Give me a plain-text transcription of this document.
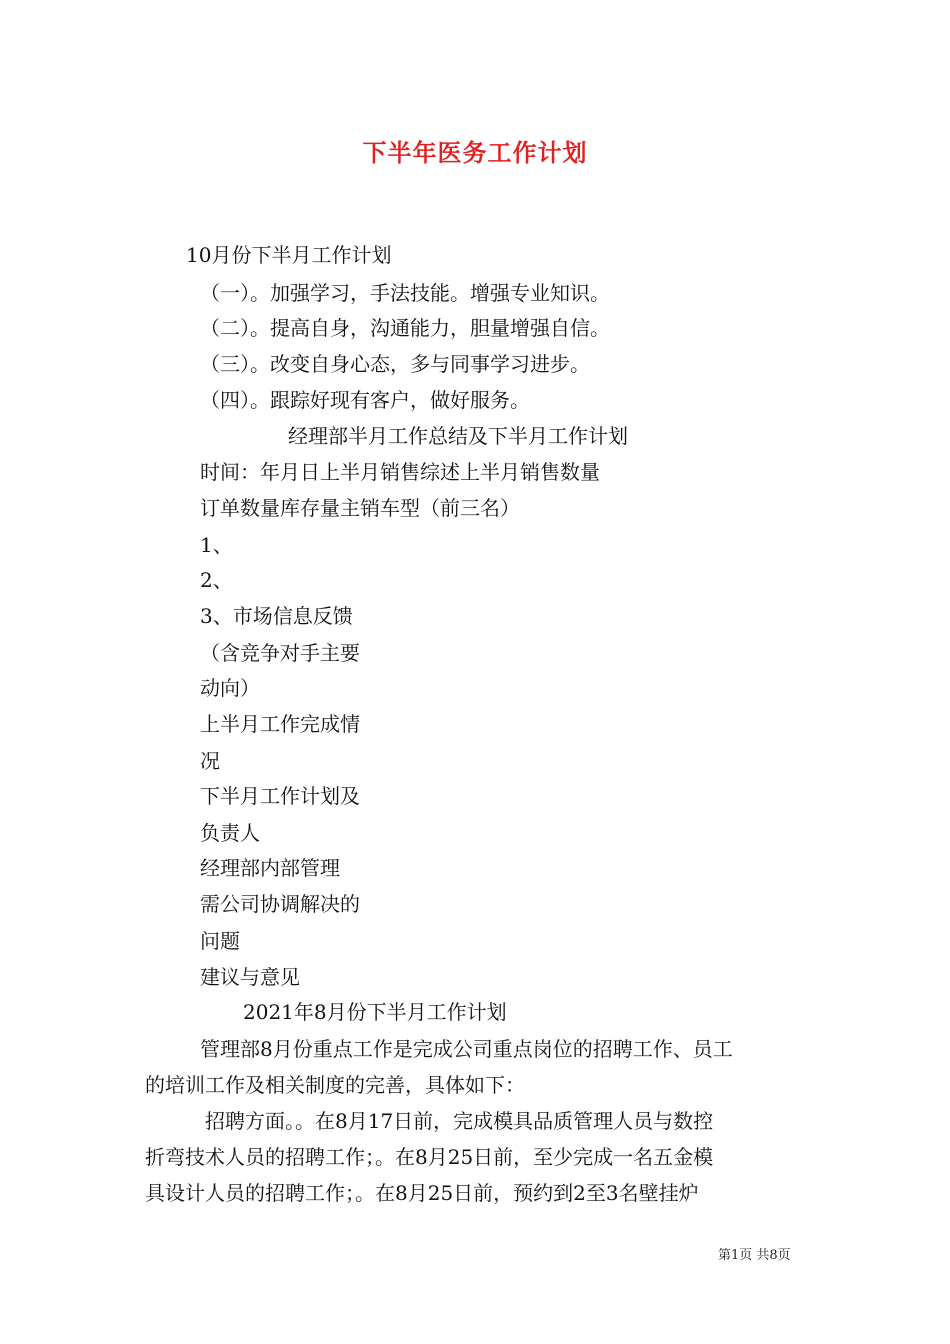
下半年医务工作计划
10月份下半月工作计划
（一）。加强学习，手法技能。增强专业知识。
（二）。提高自身，沟通能力，胆量增强自信。
（三）。改变自身心态，多与同事学习进步。
（四）。跟踪好现有客户，做好服务。
经理部半月工作总结及下半月工作计划
时间：年月日上半月销售综述上半月销售数量
订单数量库存量主销车型（前三名）
1、
2、
3、市场信息反馈
（含竞争对手主要
动向）
上半月工作完成情
况
下半月工作计划及
负责人
经理部内部管理
需公司协调解决的
问题
建议与意见
2021年8月份下半月工作计划
管理部8月份重点工作是完成公司重点岗位的招聘工作、员工
的培训工作及相关制度的完善，具体如下：
招聘方面。。在8月17日前，完成模具品质管理人员与数控
折弯技术人员的招聘工作；。在8月25日前，至少完成一名五金模
具设计人员的招聘工作；。在8月25日前，预约到2至3名壁挂炉
第1页 共8页
